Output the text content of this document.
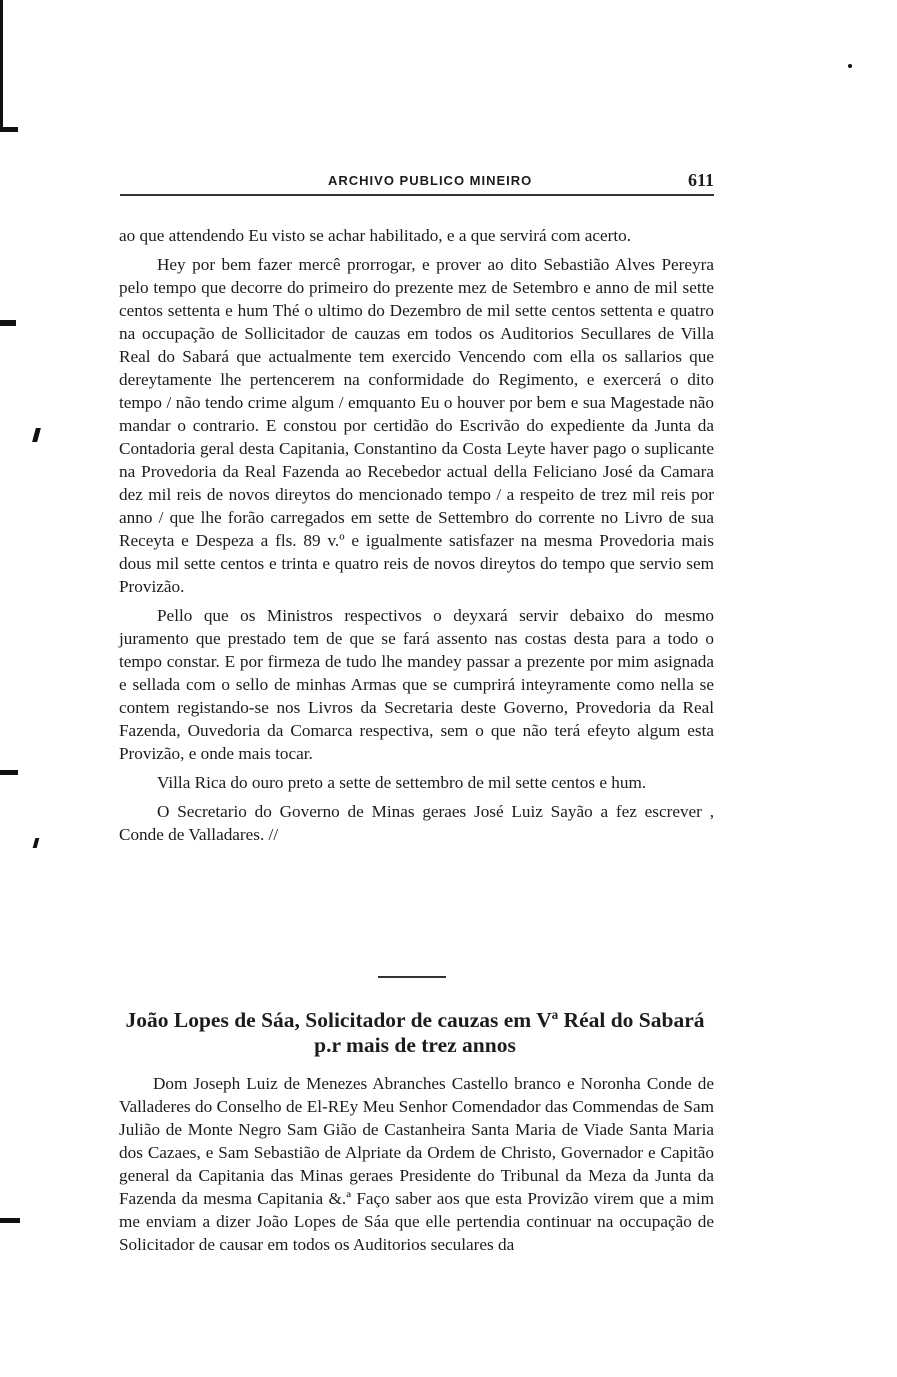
ARCHIVO PUBLICO MINEIRO	611

ao que attendendo Eu visto se achar habilitado, e a que servirá com acerto.

Hey por bem fazer mercê prorrogar, e prover ao dito Sebastião Alves Pereyra pelo tempo que decorre do primeiro do prezente mez de Setembro e anno de mil sette centos settenta e hum Thé o ultimo do Dezembro de mil sette centos settenta e quatro na occupação de Sollicitador de cauzas em todos os Auditorios Secullares de Villa Real do Sabará que actualmente tem exercido Vencendo com ella os sallarios que dereytamente lhe pertencerem na conformidade do Regimento, e exercerá o dito tempo / não tendo crime algum / emquanto Eu o houver por bem e sua Magestade não mandar o contrario. E constou por certidão do Escrivão do expediente da Junta da Contadoria geral desta Capitania, Constantino da Costa Leyte haver pago o suplicante na Provedoria da Real Fazenda ao Recebedor actual della Feliciano José da Camara dez mil reis de novos direytos do mencionado tempo / a respeito de trez mil reis por anno / que lhe forão carregados em sette de Settembro do corrente no Livro de sua Receyta e Despeza a fls. 89 v.º e igualmente satisfazer na mesma Provedoria mais dous mil sette centos e trinta e quatro reis de novos direytos do tempo que servio sem Provizão.

Pello que os Ministros respectivos o deyxará servir debaixo do mesmo juramento que prestado tem de que se fará assento nas costas desta para a todo o tempo constar. E por firmeza de tudo lhe mandey passar a prezente por mim asignada e sellada com o sello de minhas Armas que se cumprirá inteyramente como nella se contem registando-se nos Livros da Secretaria deste Governo, Provedoria da Real Fazenda, Ouvedoria da Comarca respectiva, sem o que não terá efeyto algum esta Provizão, e onde mais tocar.

Villa Rica do ouro preto a sette de settembro de mil sette centos e hum.

O Secretario do Governo de Minas geraes José Luiz Sayão a fez escrever , Conde de Valladares. //

João Lopes de Sáa, Solicitador de cauzas em Vª Réal do Sabará
p.r mais de trez annos

Dom Joseph Luiz de Menezes Abranches Castello branco e Noronha Conde de Valladeres do Conselho de El-REy Meu Senhor Comendador das Commendas de Sam Julião de Monte Negro Sam Gião de Castanheira Santa Maria de Viade Santa Maria dos Cazaes, e Sam Sebastião de Alpriate da Ordem de Christo, Governador e Capitão general da Capitania das Minas geraes Presidente do Tribunal da Meza da Junta da Fazenda da mesma Capitania &.ª Faço saber aos que esta Provizão virem que a mim me enviam a dizer João Lopes de Sáa que elle pertendia continuar na occupação de Solicitador de causar em todos os Auditorios seculares da
